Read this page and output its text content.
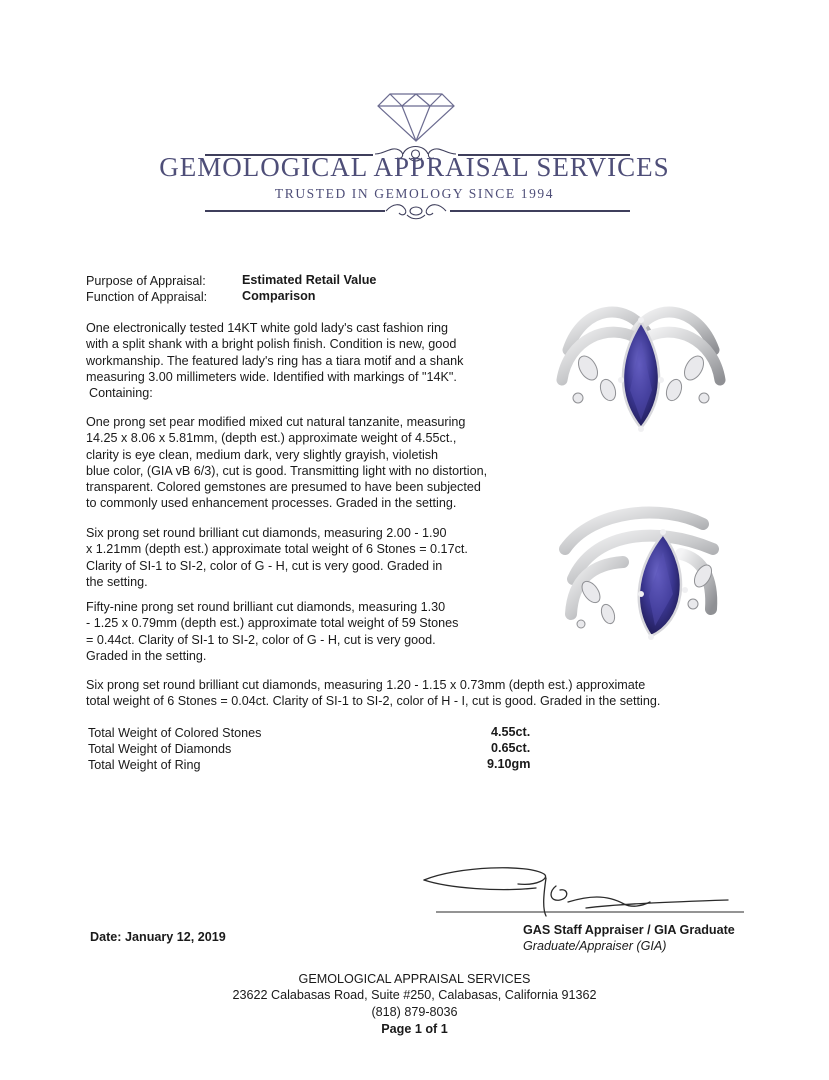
GEMOLOGICAL APPRAISAL SERVICES
TRUSTED IN GEMOLOGY SINCE 1994
Purpose of Appraisal:	Estimated Retail Value
Function of Appraisal:	Comparison
One electronically tested 14KT white gold lady's cast fashion ring
with a split shank with a bright polish finish. Condition is new, good
workmanship. The featured lady's ring has a tiara motif and a shank
measuring 3.00 millimeters wide. Identified with markings of "14K".
Containing:
One prong set pear modified mixed cut natural tanzanite, measuring
14.25 x 8.06 x 5.81mm, (depth est.) approximate weight of 4.55ct.,
clarity is eye clean, medium dark, very slightly grayish, violetish
blue color, (GIA vB 6/3), cut is good. Transmitting light with no distortion,
transparent. Colored gemstones are presumed to have been subjected
to commonly used enhancement processes. Graded in the setting.
Six prong set round brilliant cut diamonds, measuring 2.00 - 1.90
x 1.21mm (depth est.) approximate total weight of 6 Stones = 0.17ct.
Clarity of SI-1 to SI-2, color of G - H, cut is very good. Graded in
the setting.
Fifty-nine prong set round brilliant cut diamonds, measuring 1.30
- 1.25 x 0.79mm (depth est.) approximate total weight of 59 Stones
= 0.44ct. Clarity of SI-1 to SI-2, color of G - H, cut is very good.
Graded in the setting.
Six prong set round brilliant cut diamonds, measuring 1.20 - 1.15 x 0.73mm (depth est.) approximate
total weight of 6 Stones = 0.04ct. Clarity of SI-1 to SI-2, color of H - I, cut is good. Graded in the setting.
Total Weight of Colored Stones	4.55ct.
Total Weight of Diamonds	0.65ct.
Total Weight of Ring	9.10gm
Date: January 12, 2019	GAS Staff Appraiser / GIA Graduate
Graduate/Appraiser (GIA)
GEMOLOGICAL APPRAISAL SERVICES
23622 Calabasas Road, Suite #250, Calabasas, California 91362
(818) 879-8036
Page 1 of 1
